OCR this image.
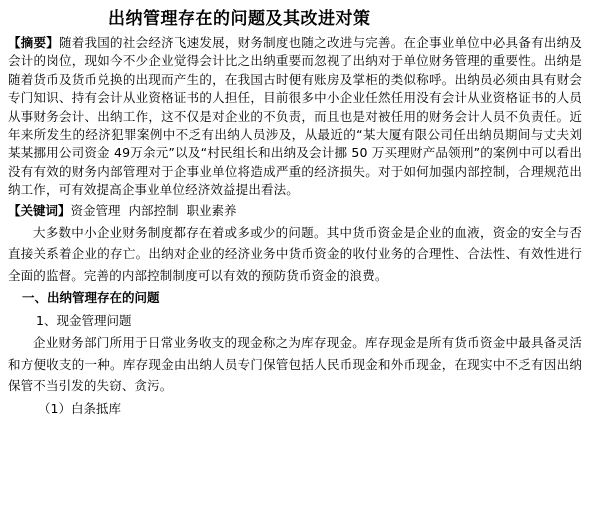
出纳管理存在的问题及其改进对策

【摘要】随着我国的社会经济飞速发展，财务制度也随之改进与完善。在企事业单位中必具备有出纳及会计的岗位，现如今不少企业觉得会计比之出纳重要而忽视了出纳对于单位财务管理的重要性。出纳是随着货币及货币兑换的出现而产生的，在我国古时便有账房及掌柜的类似称呼。出纳员必须由具有财会专门知识、持有会计从业资格证书的人担任，目前很多中小企业任然任用没有会计从业资格证书的人员从事财务会计、出纳工作，这不仅是对企业的不负责，而且也是对被任用的财务会计人员不负责任。近年来所发生的经济犯罪案例中不乏有出纳人员涉及，从最近的“某大厦有限公司任出纳员期间与丈夫刘某某挪用公司资金 49万余元”以及“村民组长和出纳及会计挪 50 万买理财产品领刑”的案例中可以看出没有有效的财务内部管理对于企事业单位将造成严重的经济损失。对于如何加强内部控制，合理规范出纳工作，可有效提高企事业单位经济效益提出看法。

【关键词】资金管理 内部控制 职业素养

大多数中小企业财务制度都存在着或多或少的问题。其中货币资金是企业的血液，资金的安全与否直接关系着企业的存亡。出纳对企业的经济业务中货币资金的收付业务的合理性、合法性、有效性进行全面的监督。完善的内部控制制度可以有效的预防货币资金的浪费。

一、出纳管理存在的问题

1、现金管理问题

企业财务部门所用于日常业务收支的现金称之为库存现金。库存现金是所有货币资金中最具备灵活和方便收支的一种。库存现金由出纳人员专门保管包括人民币现金和外币现金，在现实中不乏有因出纳保管不当引发的失窃、贪污。

（1）白条抵库
